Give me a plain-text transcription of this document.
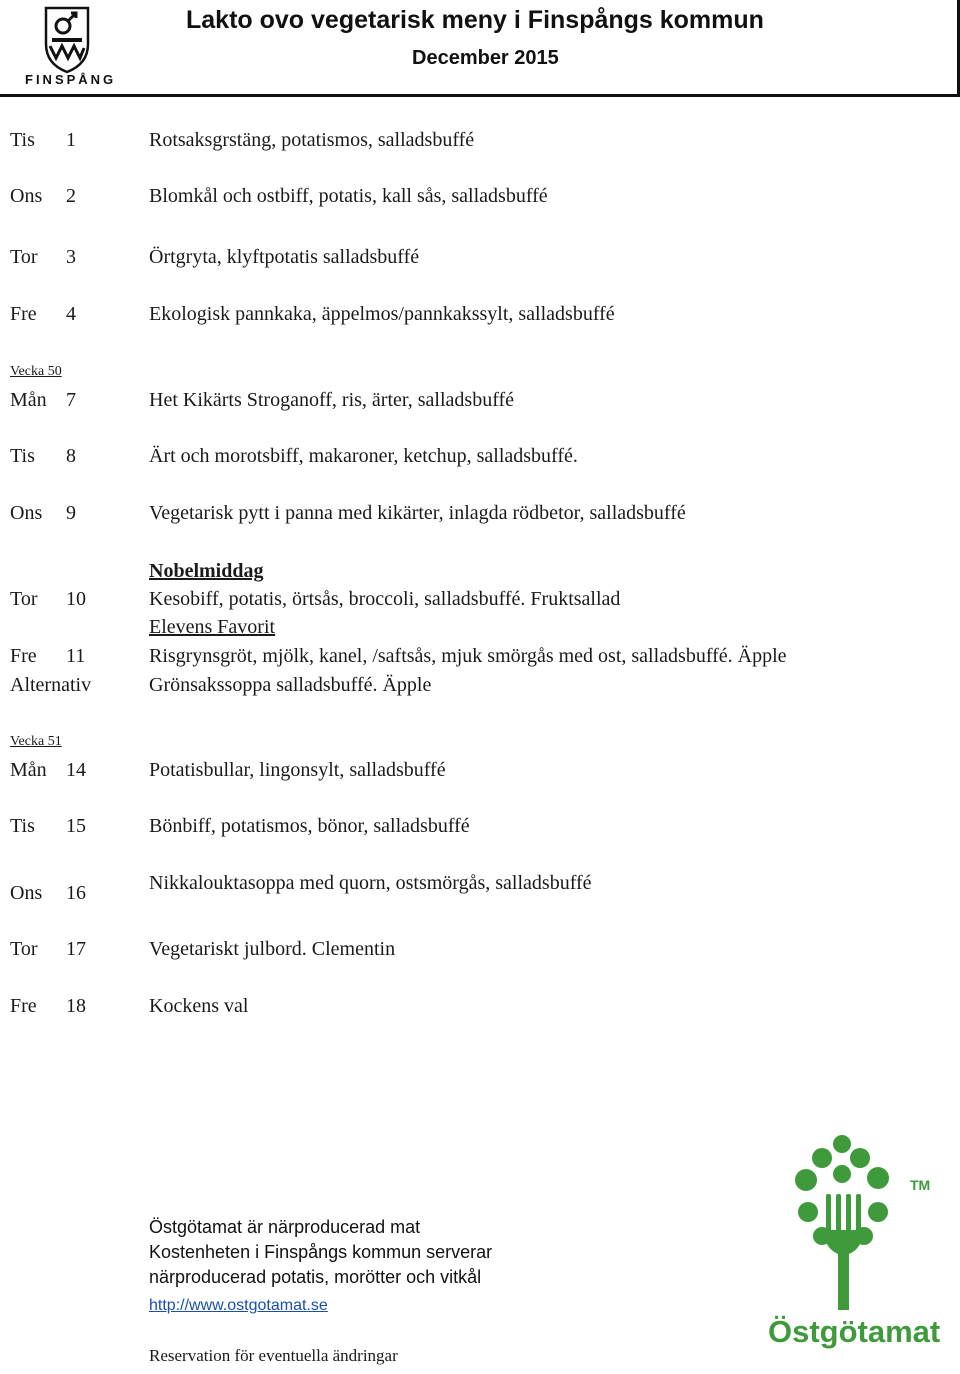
FINSPÅNG
Lakto ovo vegetarisk meny i Finspångs kommun
December 2015
Tis	1	Rotsaksgrstäng, potatismos, salladsbuffé
Ons	2	Blomkål och ostbiff, potatis, kall sås, salladsbuffé
Tor	3	Örtgryta, klyftpotatis salladsbuffé
Fre	4	Ekologisk pannkaka, äppelmos/pannkakssylt, salladsbuffé
Vecka 50
Mån 7	Het Kikärts Stroganoff, ris, ärter, salladsbuffé
Tis	8	Ärt och morotsbiff, makaroner, ketchup, salladsbuffé.
Ons	9	Vegetarisk pytt i panna med kikärter, inlagda rödbetor, salladsbuffé
Nobelmiddag
Tor	10	Kesobiff, potatis, örtsås, broccoli, salladsbuffé. Fruktsallad
Elevens Favorit
Fre	11	Risgrynsgröt, mjölk, kanel, /saftsås, mjuk smörgås med ost, salladsbuffé. Äpple
Alternativ	Grönsakssoppa salladsbuffé. Äpple
Vecka 51
Mån 14	Potatisbullar, lingonsylt, salladsbuffé
Tis	15	Bönbiff, potatismos, bönor, salladsbuffé
Ons	16	Nikkalouktasoppa med quorn, ostsmörgås, salladsbuffé
Tor	17	Vegetariskt julbord. Clementin
Fre	18	Kockens val
Östgötamat är närproducerad mat
Kostenheten i Finspångs kommun serverar
närproducerad potatis, morötter och vitkål
http://www.ostgotamat.se
Reservation för eventuella ändringar
TM
Östgötamat
